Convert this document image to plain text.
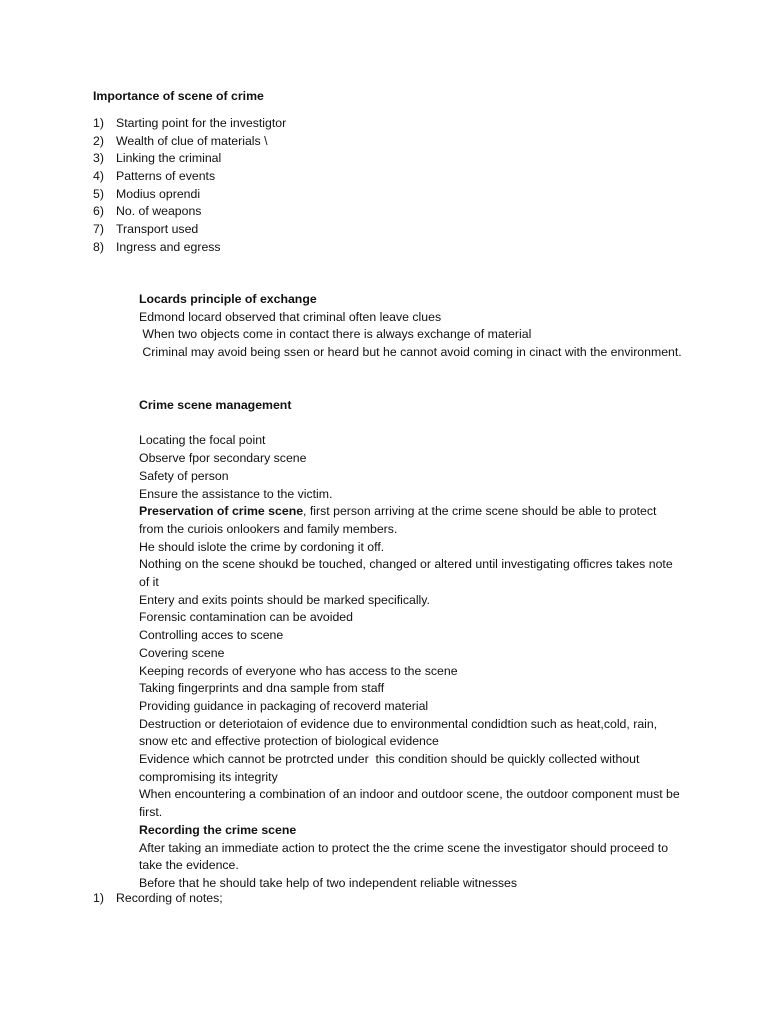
Importance of scene of crime
1) Starting point for the investigtor
2) Wealth of clue of materials \
3) Linking the criminal
4) Patterns of events
5) Modius oprendi
6) No. of weapons
7) Transport used
8) Ingress and egress

Locards principle of exchange

Edmond locard observed that criminal often leave clues

When two objects come in contact there is always exchange of material

Criminal may avoid being ssen or heard but he cannot avoid coming in cinact with the environment.

Crime scene management

Locating the focal point

Observe fpor secondary scene

Safety of person

Ensure the assistance to the victim.

Preservation of crime scene, first person arriving at the crime scene should be able to protect from the curiois onlookers and family members.

He should islote the crime by cordoning it off.

Nothing on the scene shoukd be touched, changed or altered until investigating officres takes note of it

Entery and exits points should be marked specifically.

Forensic contamination can be avoided

Controlling acces to scene

Covering scene

Keeping records of everyone who has access to the scene

Taking fingerprints and dna sample from staff

Providing guidance in packaging of recoverd material

Destruction or deteriotaion of evidence due to environmental condidtion such as heat,cold, rain, snow etc and effective protection of biological evidence

Evidence which cannot be protrcted under  this condition should be quickly collected without compromising its integrity

When encountering a combination of an indoor and outdoor scene, the outdoor component must be first.

Recording the crime scene

After taking an immediate action to protect the the crime scene the investigator should proceed to take the evidence.

Before that he should take help of two independent reliable witnesses

1) Recording of notes;
